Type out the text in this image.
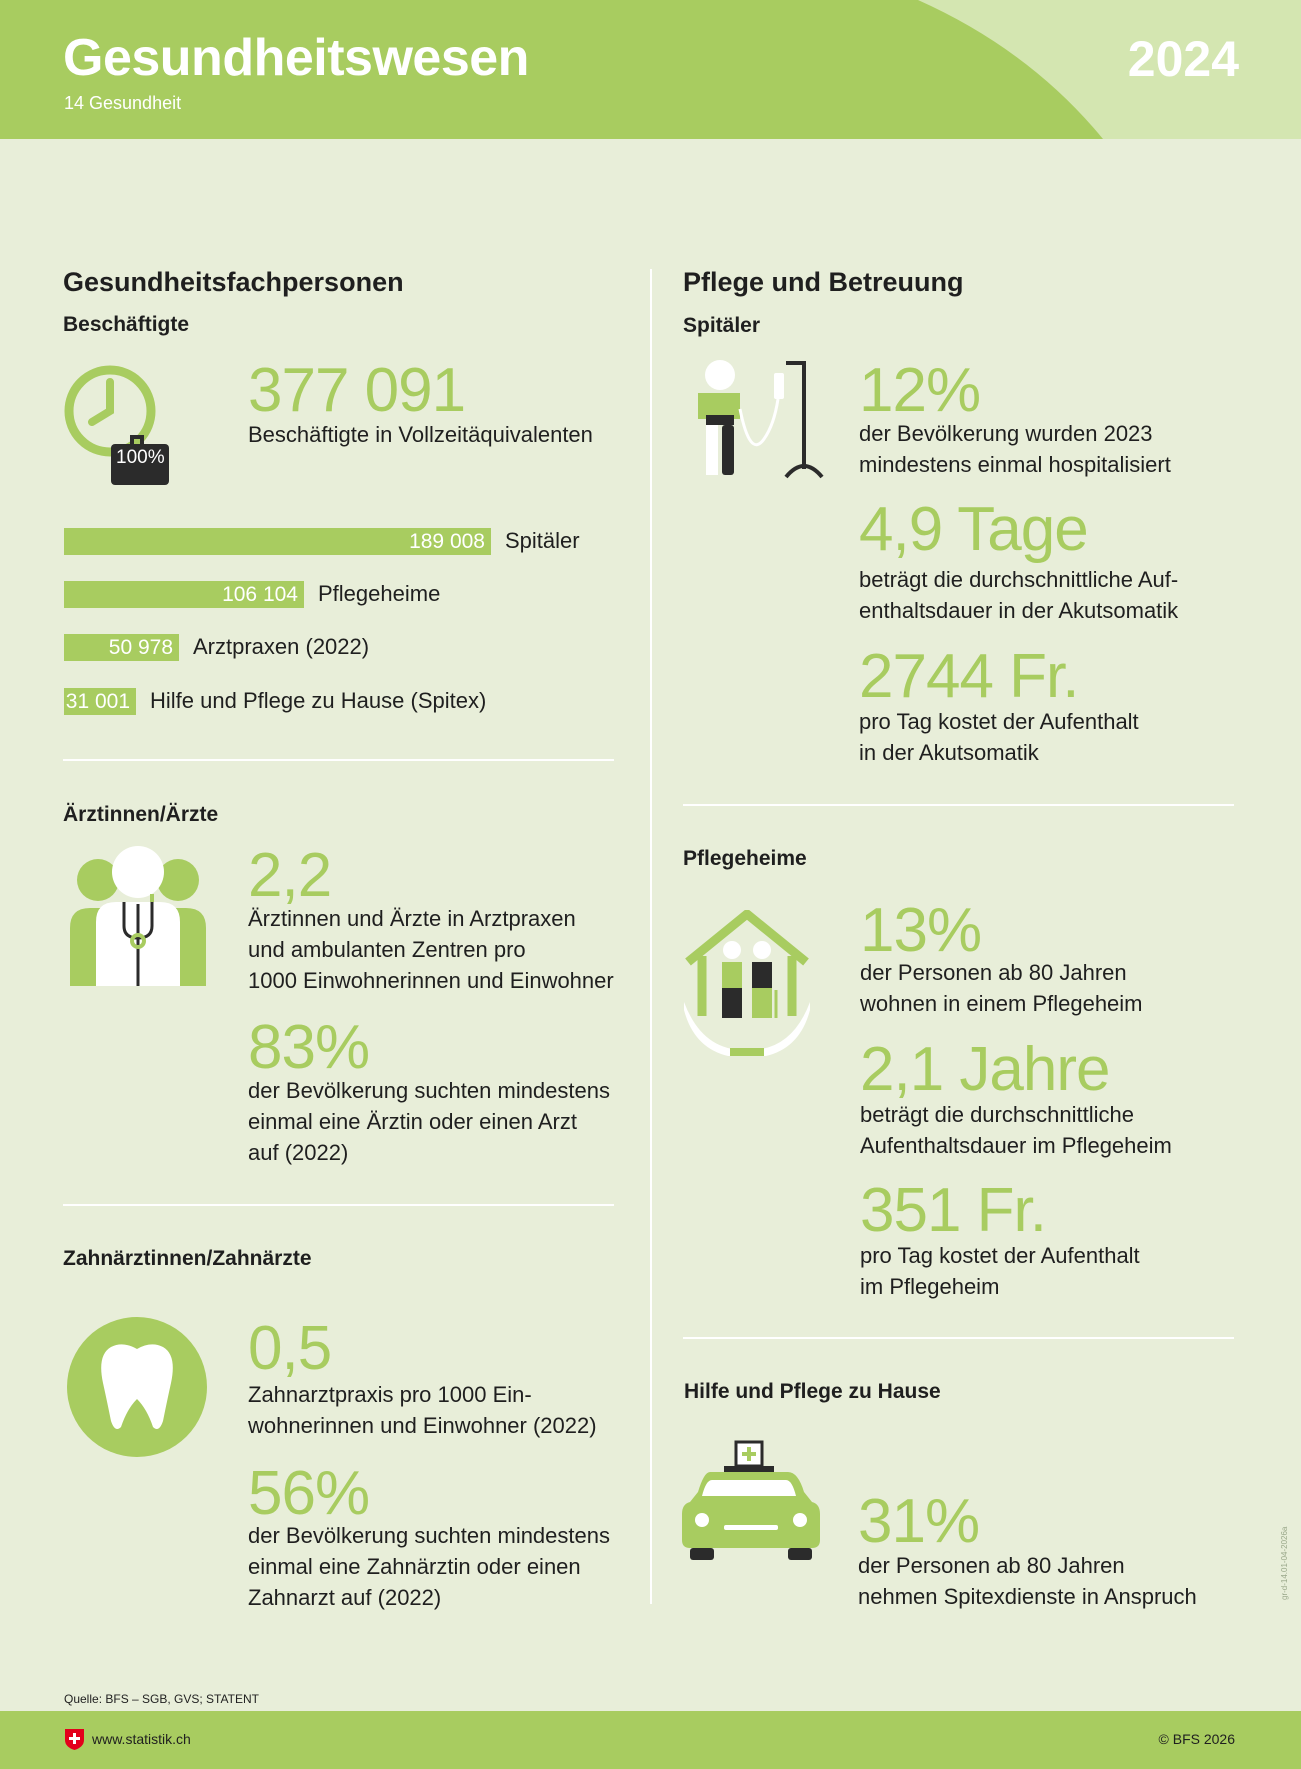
Gesundheitswesen
14 Gesundheit
2024
Gesundheitsfachpersonen
Beschäftigte
100%
377 091
Beschäftigte in Vollzeitäquivalenten
189 008 Spitäler
106 104 Pflegeheime
50 978 Arztpraxen (2022)
31 001 Hilfe und Pflege zu Hause (Spitex)
Ärztinnen/Ärzte
2,2
Ärztinnen und Ärzte in Arztpraxen
und ambulanten Zentren pro
1000 Einwohnerinnen und Einwohner
83%
der Bevölkerung suchten mindestens
einmal eine Ärztin oder einen Arzt
auf (2022)
Zahnärztinnen/Zahnärzte
0,5
Zahnarztpraxis pro 1000 Ein-
wohnerinnen und Einwohner (2022)
56%
der Bevölkerung suchten mindestens
einmal eine Zahnärztin oder einen
Zahnarzt auf (2022)
Pflege und Betreuung
Spitäler
12%
der Bevölkerung wurden 2023
mindestens einmal hospitalisiert
4,9 Tage
beträgt die durchschnittliche Auf-
enthaltsdauer in der Akutsomatik
2744 Fr.
pro Tag kostet der Aufenthalt
in der Akutsomatik
Pflegeheime
13%
der Personen ab 80 Jahren
wohnen in einem Pflegeheim
2,1 Jahre
beträgt die durchschnittliche
Aufenthaltsdauer im Pflegeheim
351 Fr.
pro Tag kostet der Aufenthalt
im Pflegeheim
Hilfe und Pflege zu Hause
31%
der Personen ab 80 Jahren
nehmen Spitexdienste in Anspruch
Quelle: BFS – SGB, GVS; STATENT
gr-d-14.01-04-2026a
www.statistik.ch	© BFS 2026
